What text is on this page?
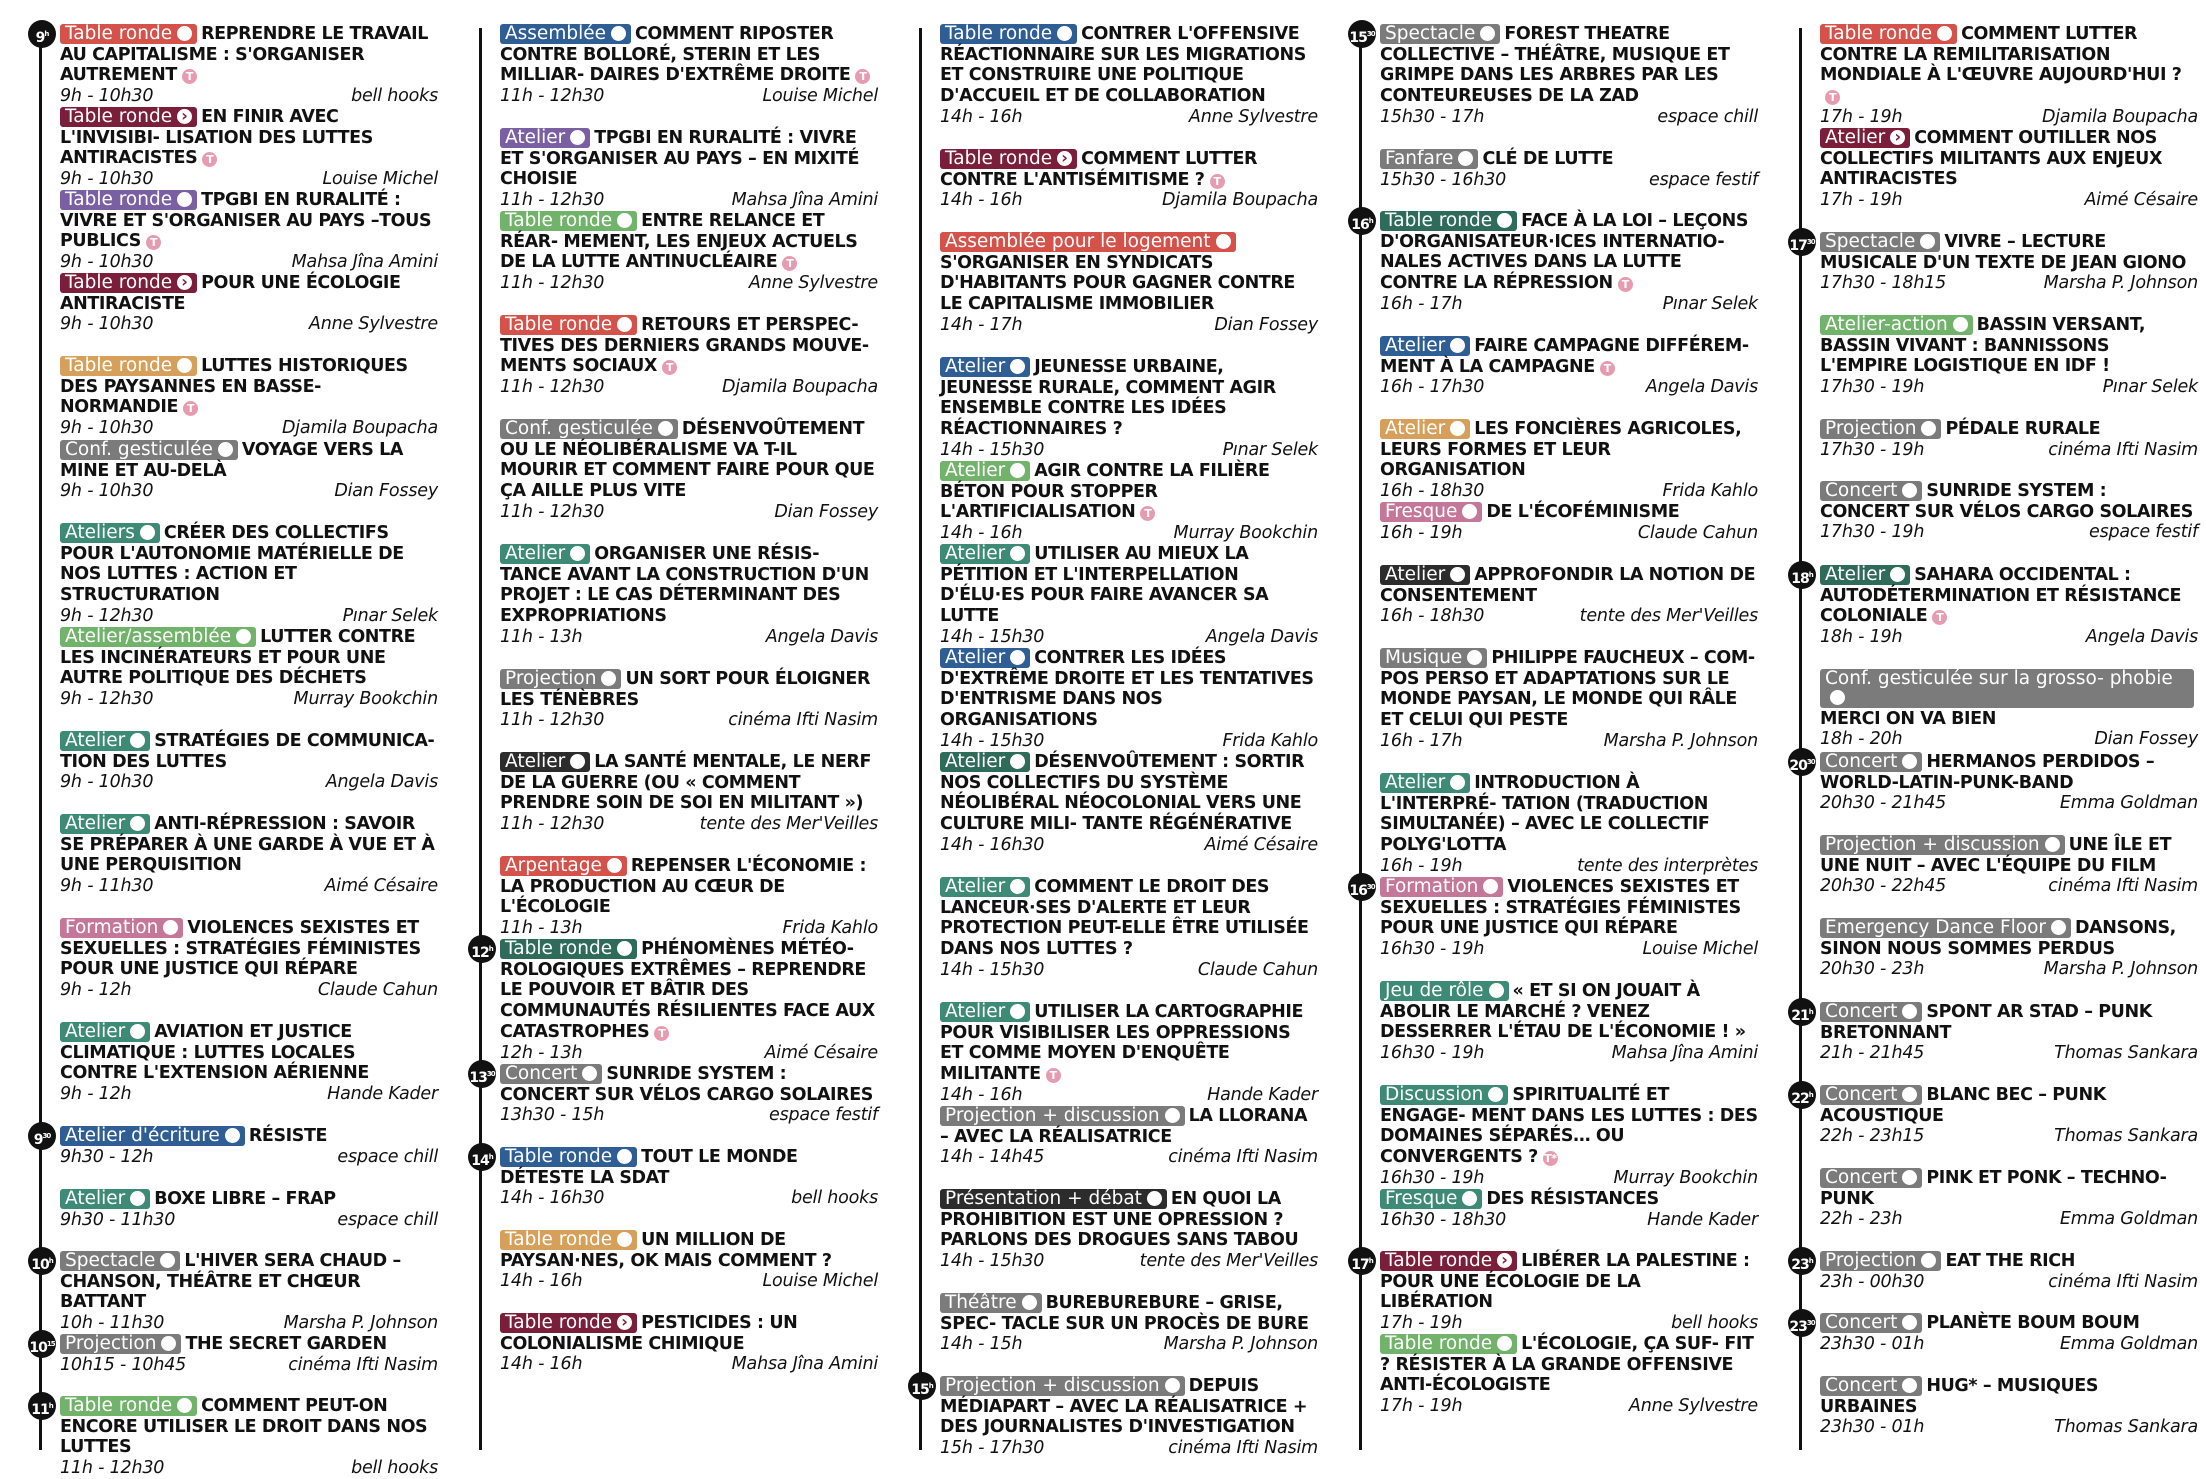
9$^h$
$9^{30}$
10$^h$
$10^{15}$
11$^h$
Table ronde › REPRENDRE LE TRAVAIL AU CAPITALISME : S'ORGANISER AUTREMENT T
9h - 10h30	bell hooks
Table ronde › EN FINIR AVEC L'INVISIBI- LISATION DES LUTTES ANTIRACISTES T
9h - 10h30	Louise Michel
Table ronde › TPGBI EN RURALITÉ : VIVRE ET S'ORGANISER AU PAYS –TOUS PUBLICS T
9h - 10h30	Mahsa Jîna Amini
Table ronde › POUR UNE ÉCOLOGIE ANTIRACISTE
9h - 10h30	Anne Sylvestre
Table ronde › LUTTES HISTORIQUES DES PAYSANNES EN BASSE- NORMANDIE T
9h - 10h30	Djamila Boupacha
Conf. gesticulée › VOYAGE VERS LA MINE ET AU-DELÀ
9h - 10h30	Dian Fossey
Ateliers › CRÉER DES COLLECTIFS POUR L'AUTONOMIE MATÉRIELLE DE NOS LUTTES : ACTION ET STRUCTURATION
9h - 12h30	Pınar Selek
Atelier/assemblée › LUTTER CONTRE LES INCINÉRATEURS ET POUR UNE AUTRE POLITIQUE DES DÉCHETS
9h - 12h30	Murray Bookchin
Atelier › STRATÉGIES DE COMMUNICA- TION DES LUTTES
9h - 10h30	Angela Davis
Atelier › ANTI-RÉPRESSION : SAVOIR SE PRÉPARER À UNE GARDE À VUE ET À UNE PERQUISITION
9h - 11h30	Aimé Césaire
Formation › VIOLENCES SEXISTES ET SEXUELLES : STRATÉGIES FÉMINISTES POUR UNE JUSTICE QUI RÉPARE
9h - 12h	Claude Cahun
Atelier › AVIATION ET JUSTICE CLIMATIQUE : LUTTES LOCALES CONTRE L'EXTENSION AÉRIENNE
9h - 12h	Hande Kader
Atelier d'écriture › RÉSISTE
9h30 - 12h	espace chill
Atelier › BOXE LIBRE – FRAP
9h30 - 11h30	espace chill
Spectacle › L'HIVER SERA CHAUD – CHANSON, THÉÂTRE ET CHŒUR BATTANT
10h - 11h30	Marsha P. Johnson
Projection › THE SECRET GARDEN
10h15 - 10h45	cinéma Ifti Nasim
Table ronde › COMMENT PEUT-ON ENCORE UTILISER LE DROIT DANS NOS LUTTES
11h - 12h30	bell hooks
12$^h$
$13^{30}$
14$^h$
Assemblée › COMMENT RIPOSTER CONTRE BOLLORÉ, STERIN ET LES MILLIAR- DAIRES D'EXTRÊME DROITE T
11h - 12h30	Louise Michel
Atelier › TPGBI EN RURALITÉ : VIVRE ET S'ORGANISER AU PAYS – EN MIXITÉ CHOISIE
11h - 12h30	Mahsa Jîna Amini
Table ronde › ENTRE RELANCE ET RÉAR- MEMENT, LES ENJEUX ACTUELS DE LA LUTTE ANTINUCLÉAIRE T
11h - 12h30	Anne Sylvestre
Table ronde › RETOURS ET PERSPEC- TIVES DES DERNIERS GRANDS MOUVE- MENTS SOCIAUX T
11h - 12h30	Djamila Boupacha
Conf. gesticulée › DÉSENVOÛTEMENT OU LE NÉOLIBÉRALISME VA T-IL MOURIR ET COMMENT FAIRE POUR QUE ÇA AILLE PLUS VITE
11h - 12h30	Dian Fossey
Atelier › ORGANISER UNE RÉSIS- TANCE AVANT LA CONSTRUCTION D'UN PROJET : LE CAS DÉTERMINANT DES EXPROPRIATIONS
11h - 13h	Angela Davis
Projection › UN SORT POUR ÉLOIGNER LES TÉNÈBRES
11h - 12h30	cinéma Ifti Nasim
Atelier › LA SANTÉ MENTALE, LE NERF DE LA GUERRE (OU « COMMENT PRENDRE SOIN DE SOI EN MILITANT »)
11h - 12h30	tente des Mer'Veilles
Arpentage › REPENSER L'ÉCONOMIE : LA PRODUCTION AU CŒUR DE L'ÉCOLOGIE
11h - 13h	Frida Kahlo
Table ronde › PHÉNOMÈNES MÉTÉO- ROLOGIQUES EXTRÊMES – REPRENDRE LE POUVOIR ET BÂTIR DES COMMUNAUTÉS RÉSILIENTES FACE AUX CATASTROPHES T
12h - 13h	Aimé Césaire
Concert › SUNRIDE SYSTEM : CONCERT SUR VÉLOS CARGO SOLAIRES
13h30 - 15h	espace festif
Table ronde › TOUT LE MONDE DÉTESTE LA SDAT
14h - 16h30	bell hooks
Table ronde › UN MILLION DE PAYSAN·NES, OK MAIS COMMENT ?
14h - 16h	Louise Michel
Table ronde › PESTICIDES : UN COLONIALISME CHIMIQUE
14h - 16h	Mahsa Jîna Amini
15$^h$
Table ronde › CONTRER L'OFFENSIVE RÉACTIONNAIRE SUR LES MIGRATIONS ET CONSTRUIRE UNE POLITIQUE D'ACCUEIL ET DE COLLABORATION
14h - 16h	Anne Sylvestre
Table ronde › COMMENT LUTTER CONTRE L'ANTISÉMITISME ? T
14h - 16h	Djamila Boupacha
Assemblée pour le logement ›S'ORGANISER EN SYNDICATS D'HABITANTS POUR GAGNER CONTRE LE CAPITALISME IMMOBILIER
14h - 17h	Dian Fossey
Atelier › JEUNESSE URBAINE, JEUNESSE RURALE, COMMENT AGIR ENSEMBLE CONTRE LES IDÉES RÉACTIONNAIRES ?
14h - 15h30	Pınar Selek
Atelier › AGIR CONTRE LA FILIÈRE BÉTON POUR STOPPER L'ARTIFICIALISATION T
14h - 16h	Murray Bookchin
Atelier › UTILISER AU MIEUX LA PÉTITION ET L'INTERPELLATION D'ÉLU·ES POUR FAIRE AVANCER SA LUTTE
14h - 15h30	Angela Davis
Atelier › CONTRER LES IDÉES D'EXTRÊME DROITE ET LES TENTATIVES D'ENTRISME DANS NOS ORGANISATIONS
14h - 15h30	Frida Kahlo
Atelier › DÉSENVOÛTEMENT : SORTIR NOS COLLECTIFS DU SYSTÈME NÉOLIBÉRAL NÉOCOLONIAL VERS UNE CULTURE MILI- TANTE RÉGÉNÉRATIVE
14h - 16h30	Aimé Césaire
Atelier › COMMENT LE DROIT DES LANCEUR·SES D'ALERTE ET LEUR PROTECTION PEUT-ELLE ÊTRE UTILISÉE DANS NOS LUTTES ?
14h - 15h30	Claude Cahun
Atelier › UTILISER LA CARTOGRAPHIE POUR VISIBILISER LES OPPRESSIONS ET COMME MOYEN D'ENQUÊTE MILITANTE T
14h - 16h	Hande Kader
Projection + discussion › LA LLORANA – AVEC LA RÉALISATRICE
14h - 14h45	cinéma Ifti Nasim
Présentation + débat › EN QUOI LA PROHIBITION EST UNE OPRESSION ? PARLONS DES DROGUES SANS TABOU
14h - 15h30	tente des Mer'Veilles
Théâtre › BUREBUREBURE – GRISE, SPEC- TACLE SUR UN PROCÈS DE BURE
14h - 15h	Marsha P. Johnson
Projection + discussion › DEPUIS MÉDIAPART – AVEC LA RÉALISATRICE + DES JOURNALISTES D'INVESTIGATION
15h - 17h30	cinéma Ifti Nasim
$15^{30}$
16$^h$
$16^{30}$
17$^h$
Spectacle › FOREST THEATRE COLLECTIVE – THÉÂTRE, MUSIQUE ET GRIMPE DANS LES ARBRES PAR LES CONTEUREUSES DE LA ZAD
15h30 - 17h	espace chill
Fanfare › CLÉ DE LUTTE
15h30 - 16h30	espace festif
Table ronde › FACE À LA LOI – LEÇONS D'ORGANISATEUR·ICES INTERNATIO- NALES ACTIVES DANS LA LUTTE CONTRE LA RÉPRESSION T
16h - 17h	Pınar Selek
Atelier › FAIRE CAMPAGNE DIFFÉREM- MENT À LA CAMPAGNE T
16h - 17h30	Angela Davis
Atelier › LES FONCIÈRES AGRICOLES, LEURS FORMES ET LEUR ORGANISATION
16h - 18h30	Frida Kahlo
Fresque › DE L'ÉCOFÉMINISME
16h - 19h	Claude Cahun
Atelier › APPROFONDIR LA NOTION DE CONSENTEMENT
16h - 18h30	tente des Mer'Veilles
Musique › PHILIPPE FAUCHEUX – COM- POS PERSO ET ADAPTATIONS SUR LE MONDE PAYSAN, LE MONDE QUI RÂLE ET CELUI QUI PESTE
16h - 17h	Marsha P. Johnson
Atelier › INTRODUCTION À L'INTERPRÉ- TATION (TRADUCTION SIMULTANÉE) – AVEC LE COLLECTIF POLYG'LOTTA
16h - 19h	tente des interprètes
Formation › VIOLENCES SEXISTES ET SEXUELLES : STRATÉGIES FÉMINISTES POUR UNE JUSTICE QUI RÉPARE
16h30 - 19h	Louise Michel
Jeu de rôle › « ET SI ON JOUAIT À ABOLIR LE MARCHÉ ? VENEZ DESSERRER L'ÉTAU DE L'ÉCONOMIE ! »
16h30 - 19h	Mahsa Jîna Amini
Discussion › SPIRITUALITÉ ET ENGAGE- MENT DANS LES LUTTES : DES DOMAINES SÉPARÉS… OU CONVERGENTS ? T*
16h30 - 19h	Murray Bookchin
Fresque › DES RÉSISTANCES
16h30 - 18h30	Hande Kader
Table ronde › LIBÉRER LA PALESTINE : POUR UNE ÉCOLOGIE DE LA LIBÉRATION
17h - 19h	bell hooks
Table ronde › L'ÉCOLOGIE, ÇA SUF- FIT ? RÉSISTER À LA GRANDE OFFENSIVE ANTI-ÉCOLOGISTE
17h - 19h	Anne Sylvestre
$17^{30}$
18$^h$
$20^{30}$
21$^h$
22$^h$
23$^h$
$23^{30}$
Table ronde › COMMENT LUTTER CONTRE LA REMILITARISATION MONDIALE À L'ŒUVRE AUJOURD'HUI ?T
17h - 19h	Djamila Boupacha
Atelier › COMMENT OUTILLER NOS COLLECTIFS MILITANTS AUX ENJEUX ANTIRACISTES
17h - 19h	Aimé Césaire
Spectacle › VIVRE – LECTURE MUSICALE D'UN TEXTE DE JEAN GIONO
17h30 - 18h15	Marsha P. Johnson
Atelier-action › BASSIN VERSANT, BASSIN VIVANT : BANNISSONS L'EMPIRE LOGISTIQUE EN IDF !
17h30 - 19h	Pınar Selek
Projection › PÉDALE RURALE
17h30 - 19h	cinéma Ifti Nasim
Concert › SUNRIDE SYSTEM : CONCERT SUR VÉLOS CARGO SOLAIRES
17h30 - 19h	espace festif
Atelier › SAHARA OCCIDENTAL : AUTODÉTERMINATION ET RÉSISTANCE COLONIALE T
18h - 19h	Angela Davis
Conf. gesticulée sur la grosso- phobie ›MERCI ON VA BIEN
18h - 20h	Dian Fossey
Concert › HERMANOS PERDIDOS – WORLD-LATIN-PUNK-BAND
20h30 - 21h45	Emma Goldman
Projection + discussion › UNE ÎLE ET UNE NUIT – AVEC L'ÉQUIPE DU FILM
20h30 - 22h45	cinéma Ifti Nasim
Emergency Dance Floor › DANSONS, SINON NOUS SOMMES PERDUS
20h30 - 23h	Marsha P. Johnson
Concert › SPONT AR STAD – PUNK BRETONNANT
21h - 21h45	Thomas Sankara
Concert › BLANC BEC – PUNK ACOUSTIQUE
22h - 23h15	Thomas Sankara
Concert › PINK ET PONK – TECHNO-PUNK
22h - 23h	Emma Goldman
Projection › EAT THE RICH
23h - 00h30	cinéma Ifti Nasim
Concert › PLANÈTE BOUM BOUM
23h30 - 01h	Emma Goldman
Concert › HUG* – MUSIQUES URBAINES
23h30 - 01h	Thomas Sankara
